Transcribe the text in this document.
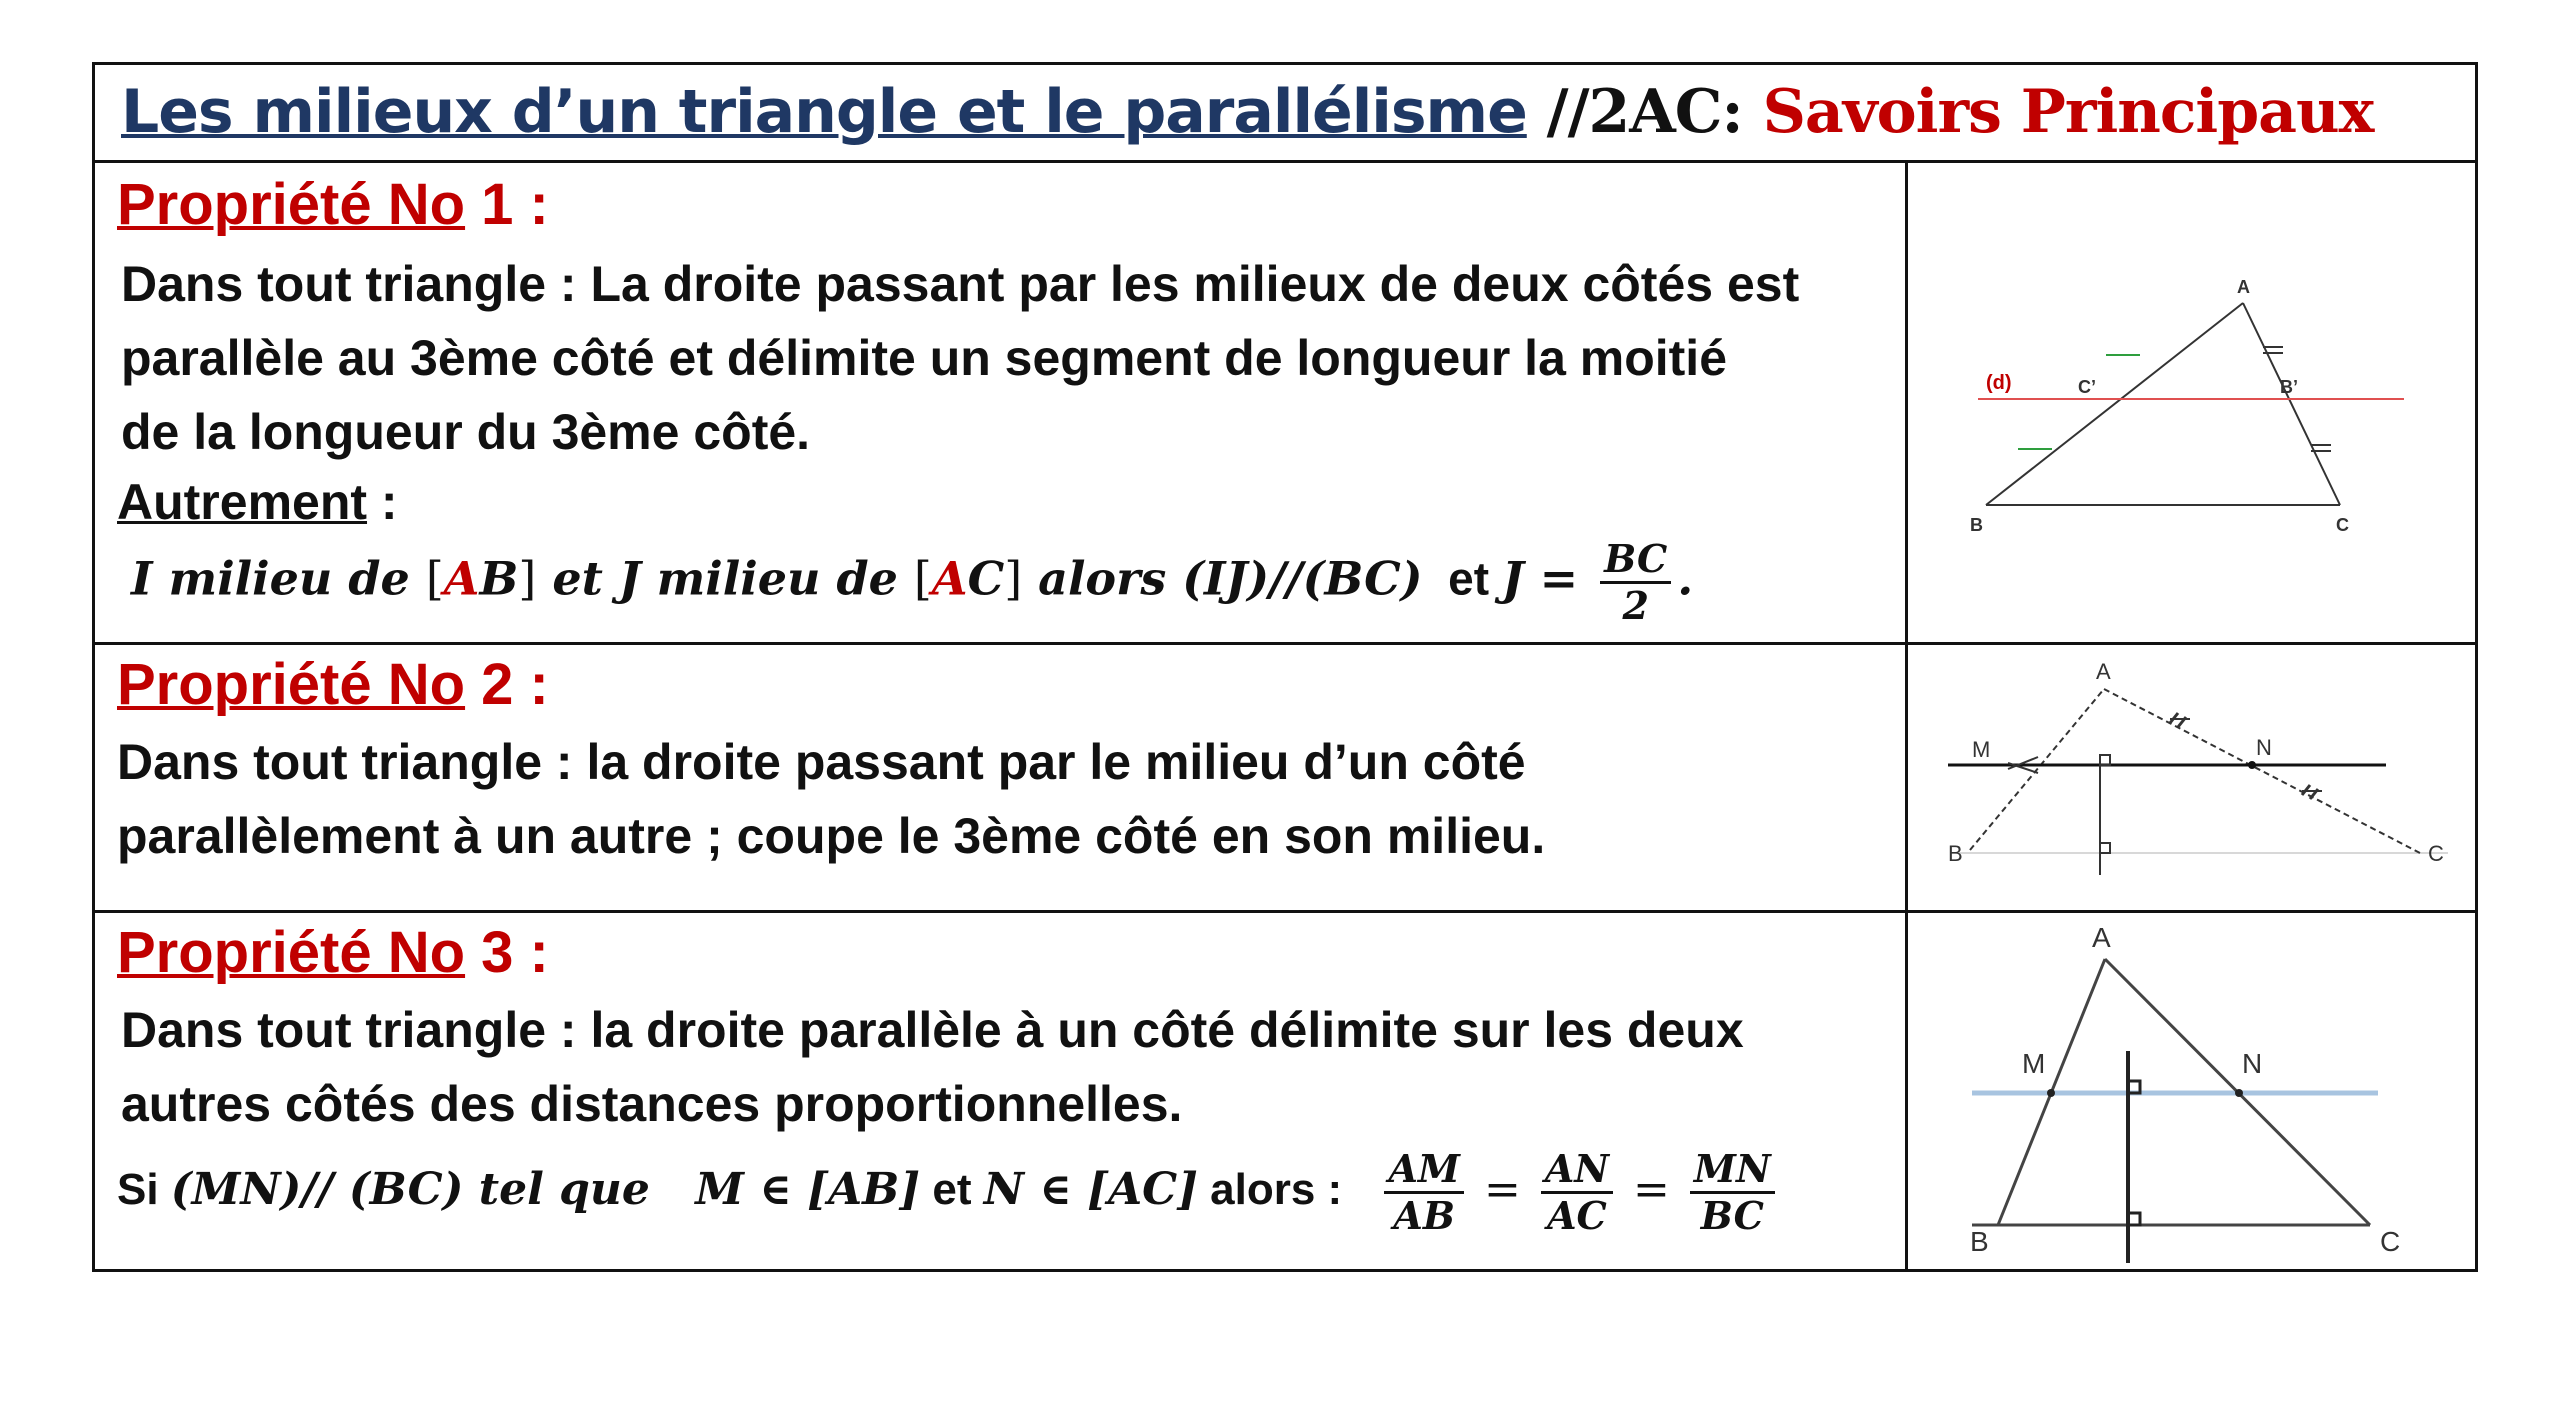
Les milieux d’un triangle et le parallélisme //2AC: Savoirs Principaux
Propriété No 1 :
Dans tout triangle : La droite passant par les milieux de deux côtés est
parallèle au 3ème côté et délimite un segment de longueur la moitié
de la longueur du 3ème côté.
Autrement :
I milieu de [AB] et J milieu de [AC] alors (IJ)//(BC)  et $J = \frac{BC}{2}$ .
A
B	C
C’	B’
(d)
Propriété No 2 :
Dans tout triangle : la droite passant par le milieu d’un côté
parallèlement à un autre ; coupe le 3ème côté en son milieu.
A
M	N
B	C
Propriété No 3 :
Dans tout triangle : la droite parallèle à un côté délimite sur les deux
autres côtés des distances proportionnelles.
Si (MN)// (BC) tel que M ∈ [AB] et N ∈ [AC] alors : $\frac{AM}{AB} = \frac{AN}{AC} = \frac{MN}{BC}$
A
M	N
B	C
